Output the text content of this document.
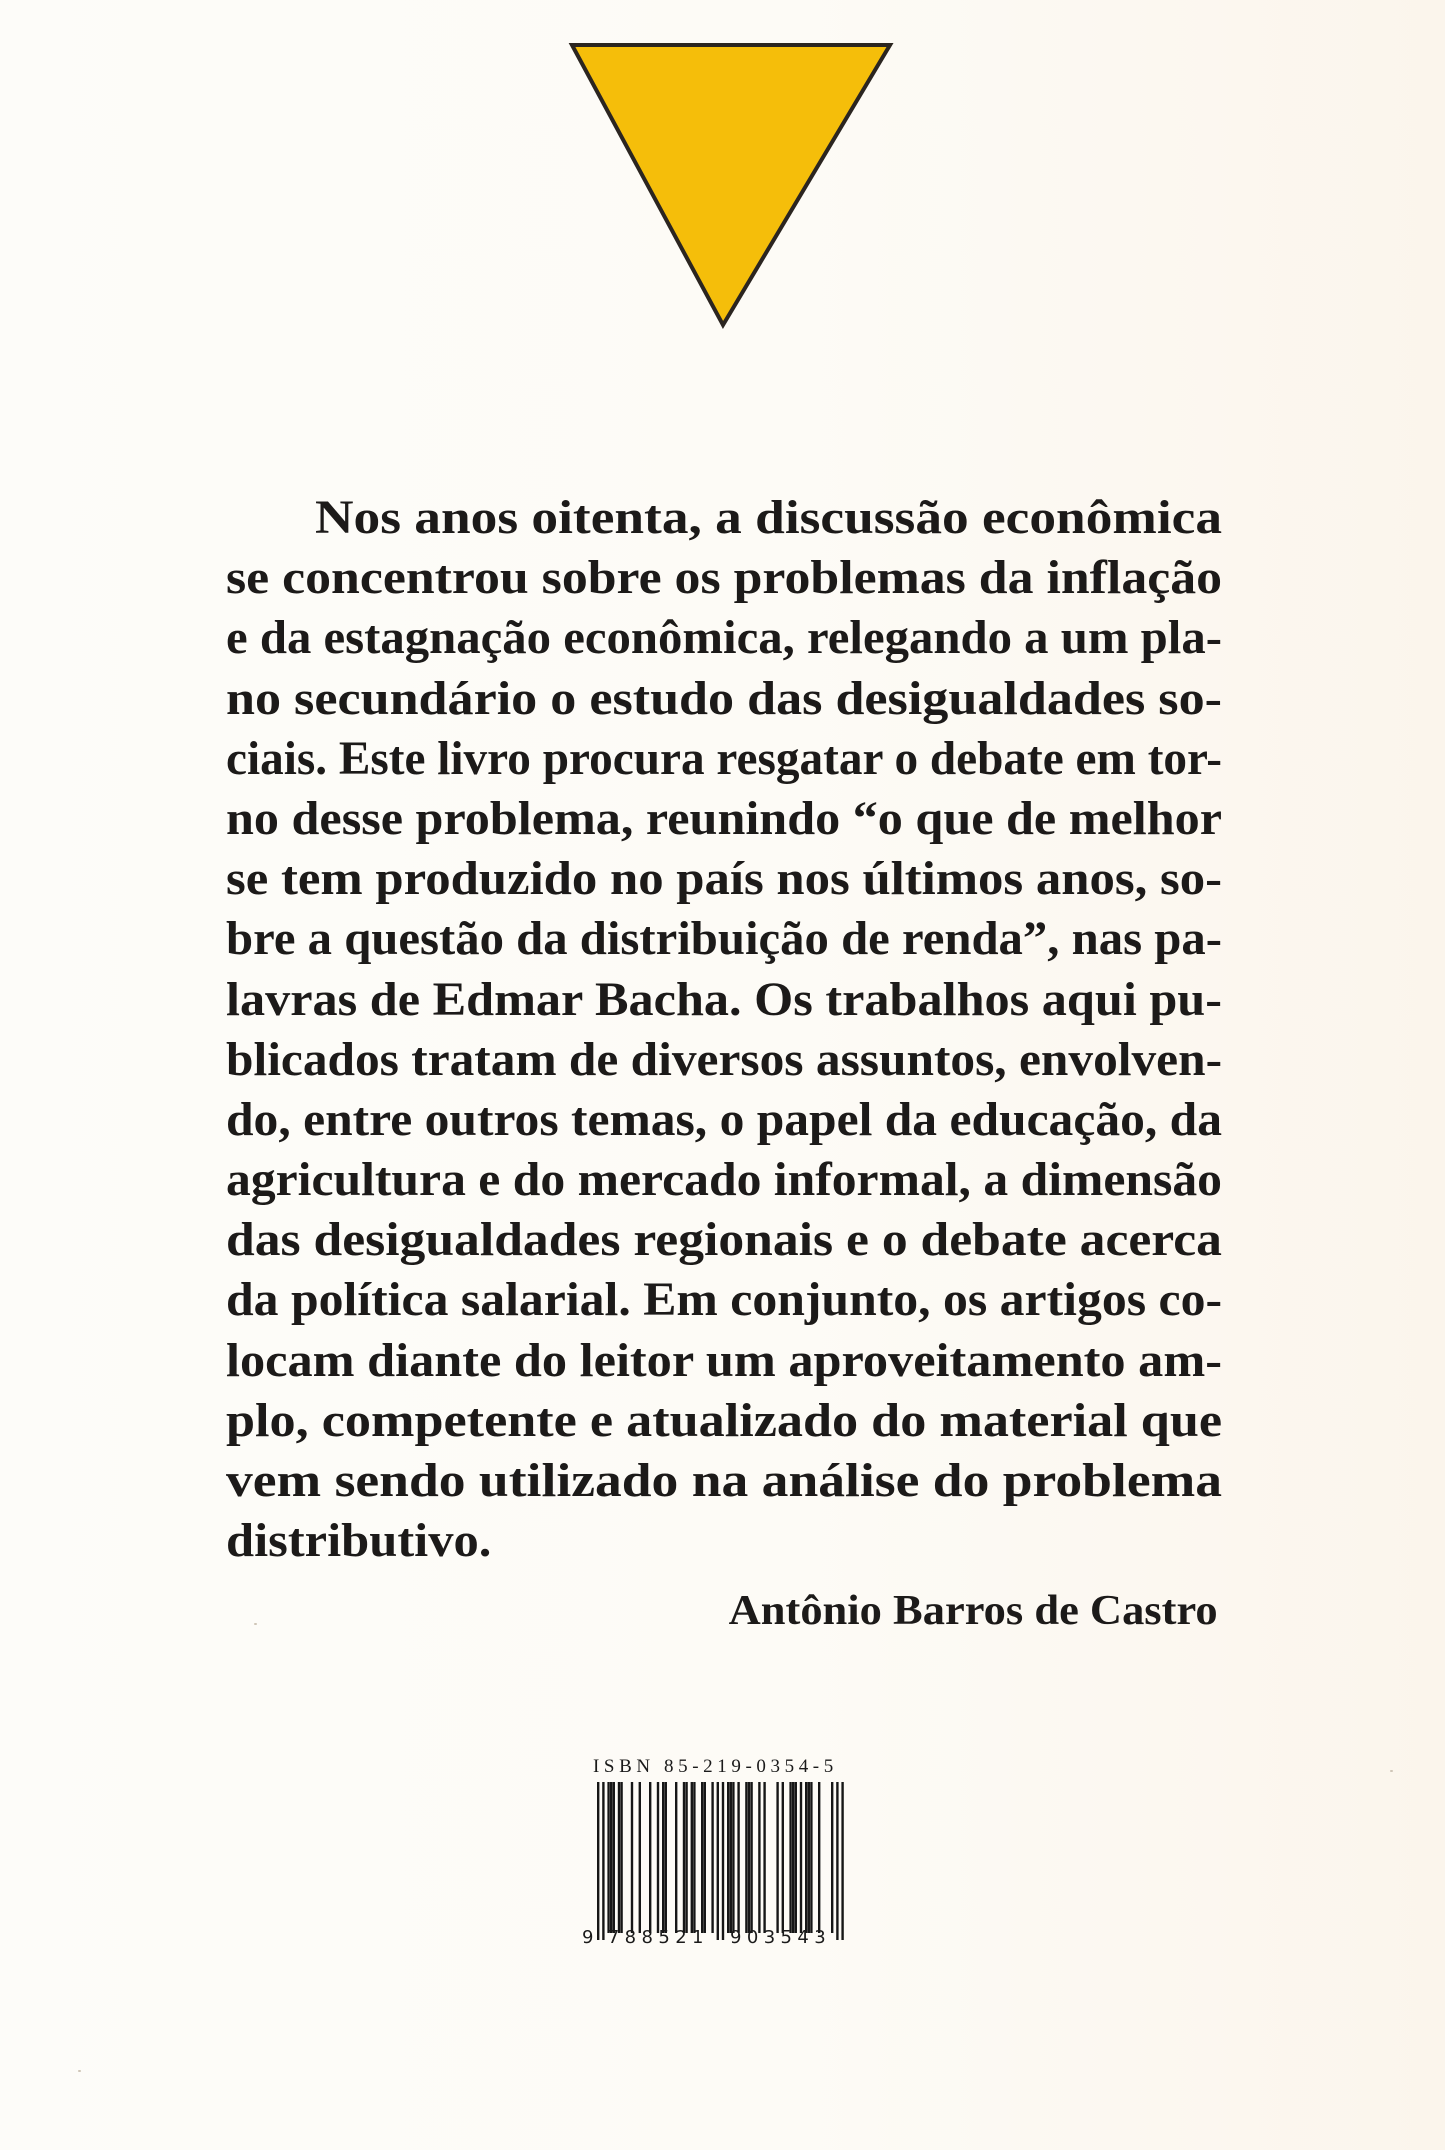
Nos anos oitenta, a discussão econômica
se concentrou sobre os problemas da inflação
e da estagnação econômica, relegando a um pla-
no secundário o estudo das desigualdades so-
ciais. Este livro procura resgatar o debate em tor-
no desse problema, reunindo “o que de melhor
se tem produzido no país nos últimos anos, so-
bre a questão da distribuição de renda”, nas pa-
lavras de Edmar Bacha. Os trabalhos aqui pu-
blicados tratam de diversos assuntos, envolven-
do, entre outros temas, o papel da educação, da
agricultura e do mercado informal, a dimensão
das desigualdades regionais e o debate acerca
da política salarial. Em conjunto, os artigos co-
locam diante do leitor um aproveitamento am-
plo, competente e atualizado do material que
vem sendo utilizado na análise do problema
distributivo.
Antônio Barros de Castro
ISBN 85-219-0354-5
9 788521 903543
